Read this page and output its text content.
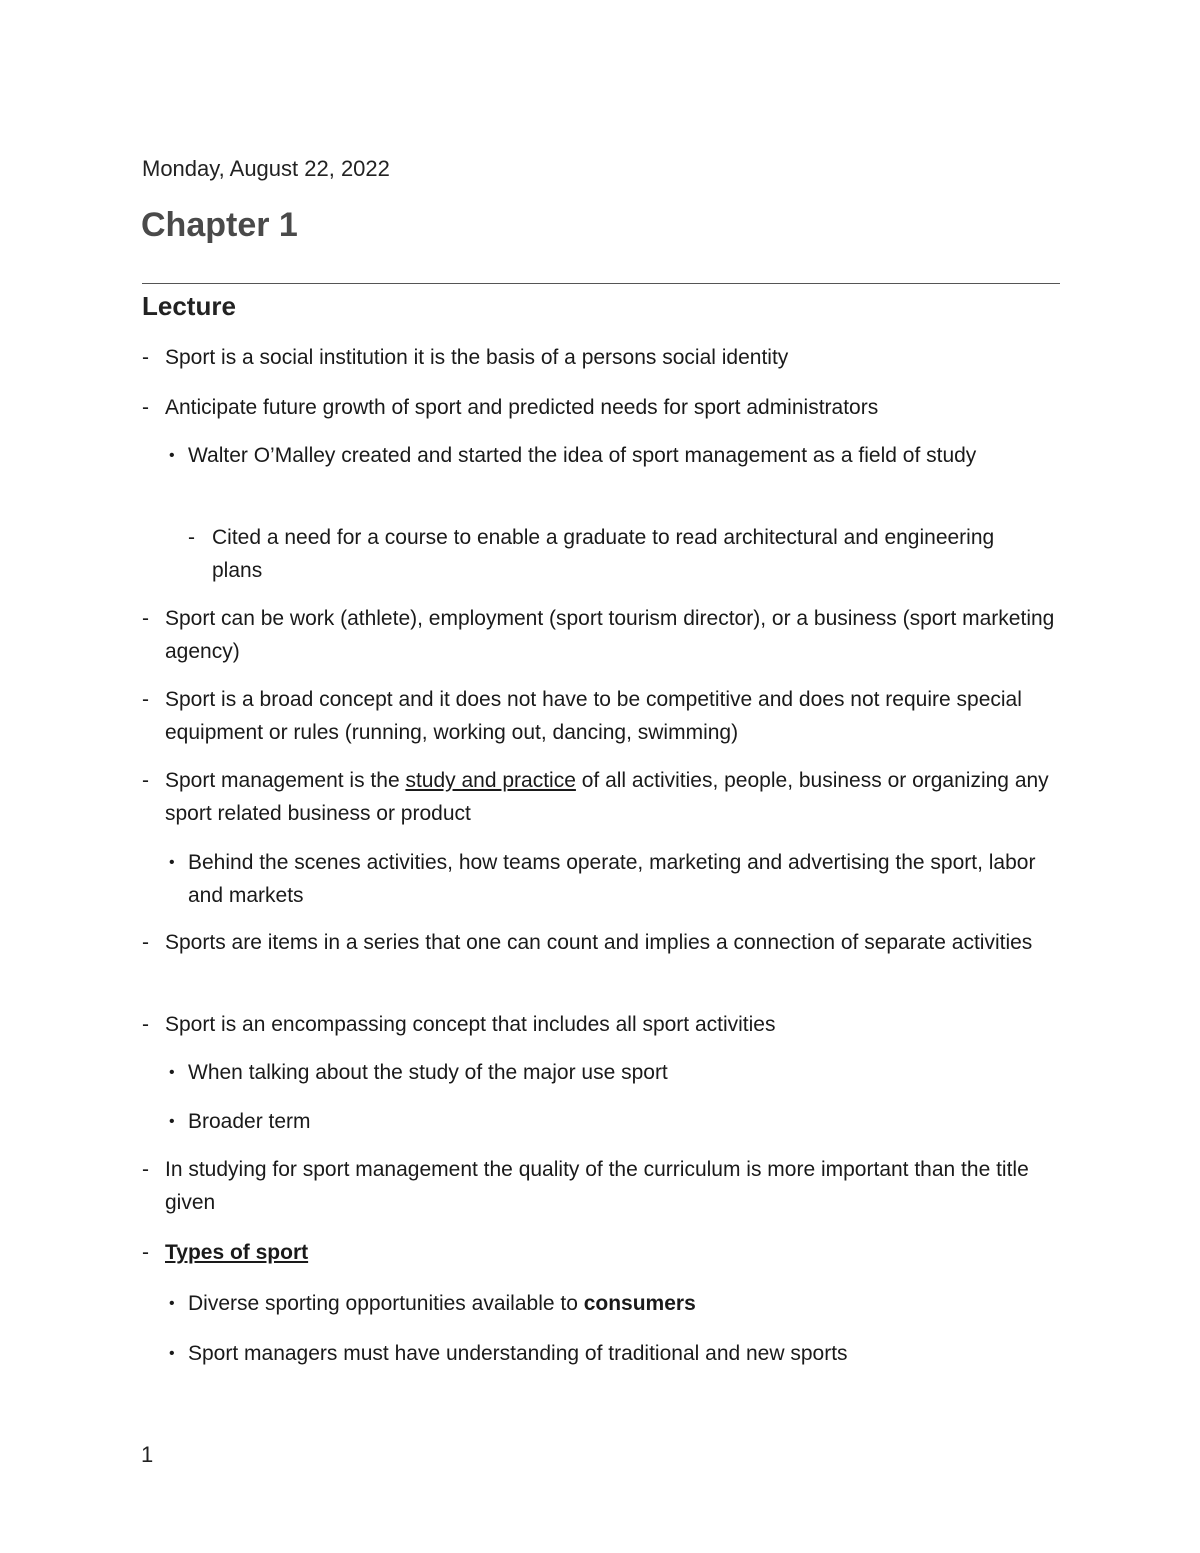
Monday, August 22, 2022
Chapter 1
Lecture
- Sport is a social institution it is the basis of a persons social identity
- Anticipate future growth of sport and predicted needs for sport administrators
• Walter O’Malley created and started the idea of sport management as a field of study
- Cited a need for a course to enable a graduate to read architectural and engineering plans
- Sport can be work (athlete), employment (sport tourism director), or a business (sport marketing agency)
- Sport is a broad concept and it does not have to be competitive and does not require special equipment or rules (running, working out, dancing, swimming)
- Sport management is the study and practice of all activities, people, business or organizing any sport related business or product
• Behind the scenes activities, how teams operate, marketing and advertising the sport, labor and markets
- Sports are items in a series that one can count and implies a connection of separate activities
- Sport is an encompassing concept that includes all sport activities
• When talking about the study of the major use sport
• Broader term
- In studying for sport management the quality of the curriculum is more important than the title given
- Types of sport
• Diverse sporting opportunities available to consumers
• Sport managers must have understanding of traditional and new sports
1
